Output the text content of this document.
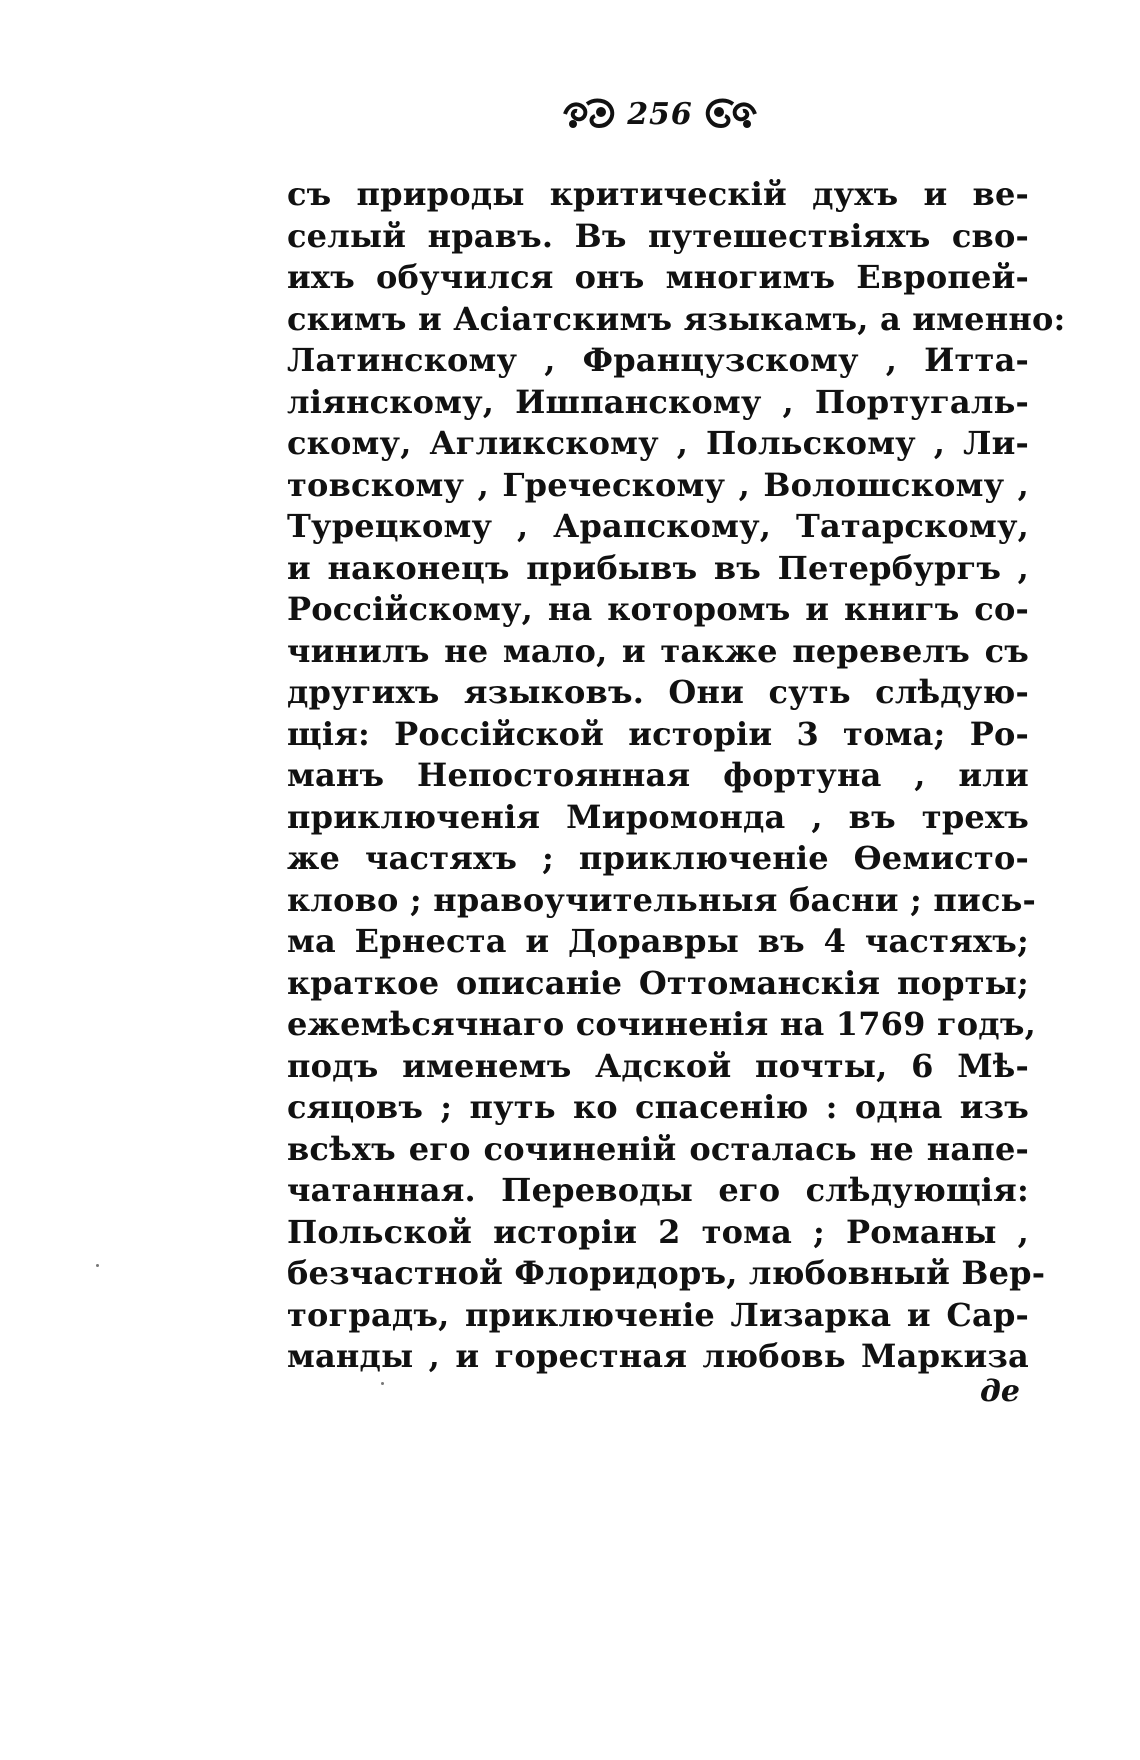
256
съ природы критическій духъ и ве-
селый нравъ. Въ путешествіяхъ сво-
ихъ обучился онъ многимъ Европей-
скимъ и Асіатскимъ языкамъ, а именно:
Латинскому , Французскому , Итта-
ліянскому, Ишпанскому , Португаль-
скому, Агликскому , Польскому , Ли-
товскому , Греческому , Волошскому ,
Турецкому , Арапскому, Татарскому,
и наконецъ прибывъ въ Петербургъ ,
Россійскому, на которомъ и книгъ со-
чинилъ не мало, и также перевелъ съ
другихъ языковъ. Они суть слѣдую-
щія: Россійской исторіи 3 тома; Ро-
манъ Непостоянная фортуна , или
приключенія Миромонда , въ трехъ
же частяхъ ; приключеніе Өемисто-
клово ; нравоучительныя басни ; пись-
ма Ернеста и Доравры въ 4 частяхъ;
краткое описаніе Оттоманскія порты;
ежемѣсячнаго сочиненія на 1769 годъ,
подъ именемъ Адской почты, 6 Мѣ-
сяцовъ ; путь ко спасенію : одна изъ
всѣхъ его сочиненій осталась не напе-
чатанная. Переводы его слѣдующія:
Польской исторіи 2 тома ; Романы ,
безчастной Флоридоръ, любовный Вер-
тоградъ, приключеніе Лизарка и Сар-
манды , и горестная любовь Маркиза
де
